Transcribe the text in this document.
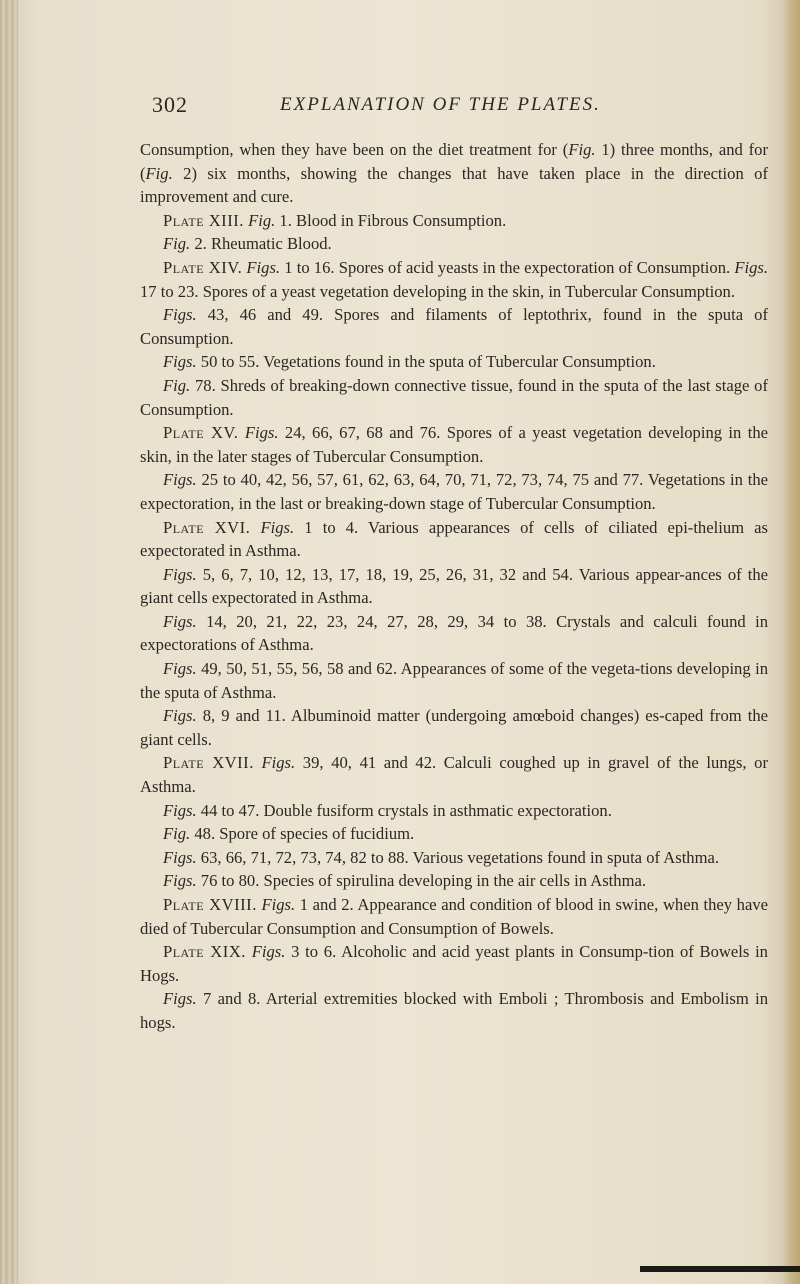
302	EXPLANATION OF THE PLATES.

Consumption, when they have been on the diet treatment for (Fig. 1) three months, and for (Fig. 2) six months, showing the changes that have taken place in the direction of improvement and cure.

Plate XIII. Fig. 1. Blood in Fibrous Consumption.

Fig. 2. Rheumatic Blood.

Plate XIV. Figs. 1 to 16. Spores of acid yeasts in the expectoration of Consumption. Figs. 17 to 23. Spores of a yeast vegetation developing in the skin, in Tubercular Consumption.

Figs. 43, 46 and 49. Spores and filaments of leptothrix, found in the sputa of Consumption.

Figs. 50 to 55. Vegetations found in the sputa of Tubercular Consumption.

Fig. 78. Shreds of breaking-down connective tissue, found in the sputa of the last stage of Consumption.

Plate XV. Figs. 24, 66, 67, 68 and 76. Spores of a yeast vegetation developing in the skin, in the later stages of Tubercular Consumption.

Figs. 25 to 40, 42, 56, 57, 61, 62, 63, 64, 70, 71, 72, 73, 74, 75 and 77. Vegetations in the expectoration, in the last or breaking-down stage of Tubercular Consumption.

Plate XVI. Figs. 1 to 4. Various appearances of cells of ciliated epi-thelium as expectorated in Asthma.

Figs. 5, 6, 7, 10, 12, 13, 17, 18, 19, 25, 26, 31, 32 and 54. Various appear-ances of the giant cells expectorated in Asthma.

Figs. 14, 20, 21, 22, 23, 24, 27, 28, 29, 34 to 38. Crystals and calculi found in expectorations of Asthma.

Figs. 49, 50, 51, 55, 56, 58 and 62. Appearances of some of the vegeta-tions developing in the sputa of Asthma.

Figs. 8, 9 and 11. Albuminoid matter (undergoing amœboid changes) es-caped from the giant cells.

Plate XVII. Figs. 39, 40, 41 and 42. Calculi coughed up in gravel of the lungs, or Asthma.

Figs. 44 to 47. Double fusiform crystals in asthmatic expectoration.

Fig. 48. Spore of species of fucidium.

Figs. 63, 66, 71, 72, 73, 74, 82 to 88. Various vegetations found in sputa of Asthma.

Figs. 76 to 80. Species of spirulina developing in the air cells in Asthma.

Plate XVIII. Figs. 1 and 2. Appearance and condition of blood in swine, when they have died of Tubercular Consumption and Consumption of Bowels.

Plate XIX. Figs. 3 to 6. Alcoholic and acid yeast plants in Consump-tion of Bowels in Hogs.

Figs. 7 and 8. Arterial extremities blocked with Emboli ; Thrombosis and Embolism in hogs.
